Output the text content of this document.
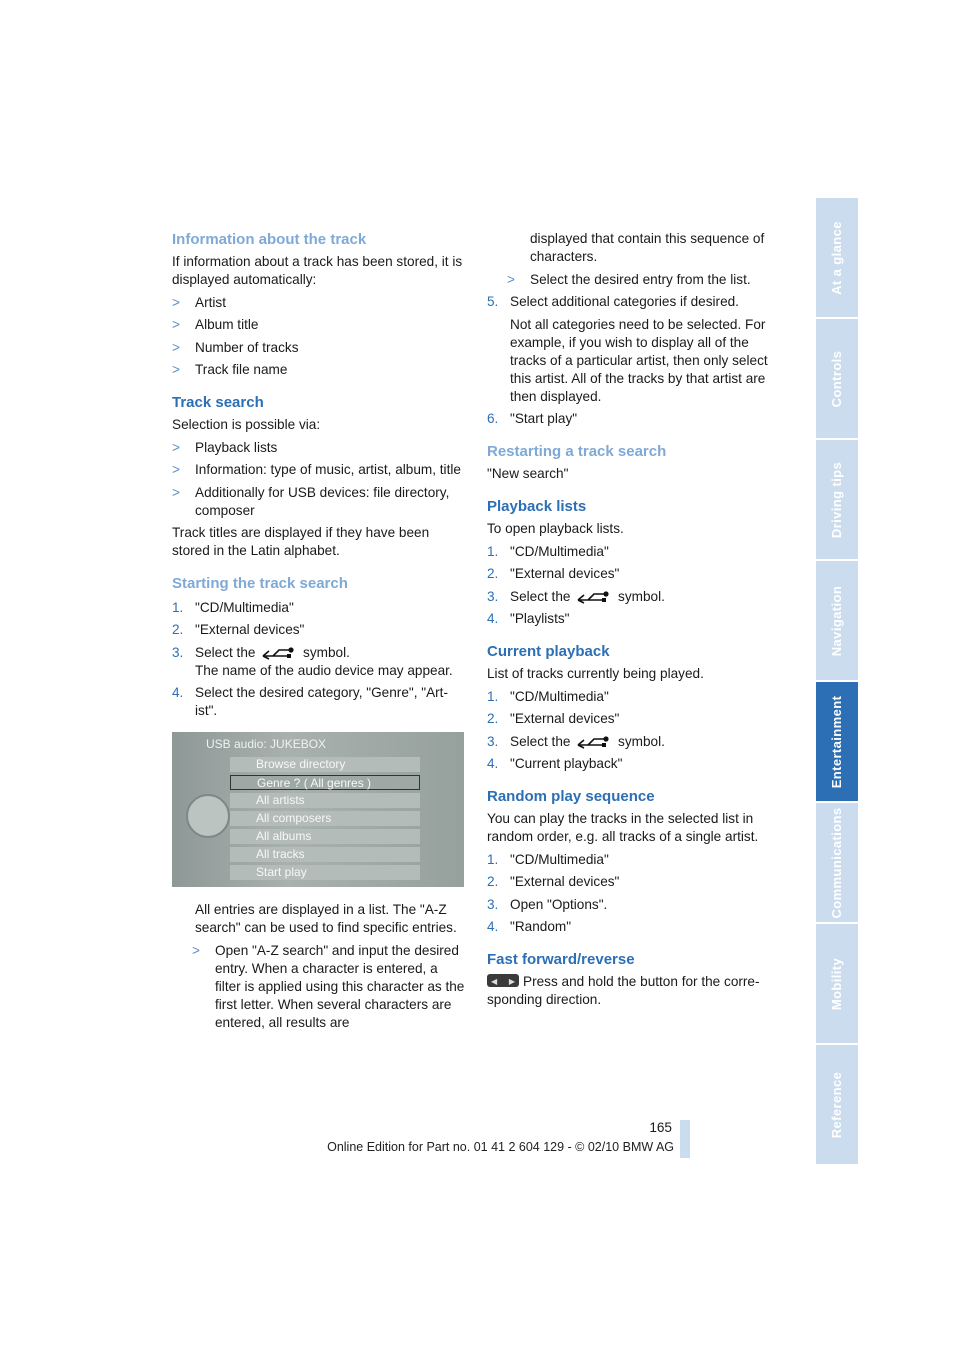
Information about the track

If information about a track has been stored, it is displayed automatically:

>	Artist
>	Album title
>	Number of tracks
>	Track file name
Track search

Selection is possible via:

>	Playback lists
>	Information: type of music, artist, album, title
>	Additionally for USB devices: file directory, composer

Track titles are displayed if they have been stored in the Latin alphabet.

Starting the track search
1. "CD/Multimedia"
2. "External devices"
3. Select the	symbol.
The name of the audio device may appear.
4. Select the desired category, "Genre", "Art-ist".
USB audio: JUKEBOX
Browse directory
Genre ? ( All genres )
All artists
All composers
All albums
All tracks
Start play

All entries are displayed in a list. The "A-Z search" can be used to find specific entries.

>	Open "A-Z search" and input the desired entry. When a character is entered, a filter is applied using this character as the first letter. When several characters are entered, all results are

displayed that contain this sequence of characters.

>	Select the desired entry from the list.
5. Select additional categories if desired.

Not all categories need to be selected. For example, if you wish to display all of the tracks of a particular artist, then only select this artist. All of the tracks by that artist are then displayed.

6. "Start play"
Restarting a track search

"New search"

Playback lists

To open playback lists.

1. "CD/Multimedia"
2. "External devices"
3. Select the	symbol.
4. "Playlists"
Current playback

List of tracks currently being played.

1. "CD/Multimedia"
2. "External devices"
3. Select the	symbol.
4. "Current playback"
Random play sequence

You can play the tracks in the selected list in random order, e.g. all tracks of a single artist.

1. "CD/Multimedia"
2. "External devices"
3. Open "Options".
4. "Random"
Fast forward/reverse

◀ ▶Press and hold the button for the corre-sponding direction.

At a glance
Controls
Driving tips
Navigation
Entertainment
Communications
Mobility
Reference
165
Online Edition for Part no. 01 41 2 604 129 - © 02/10 BMW AG
